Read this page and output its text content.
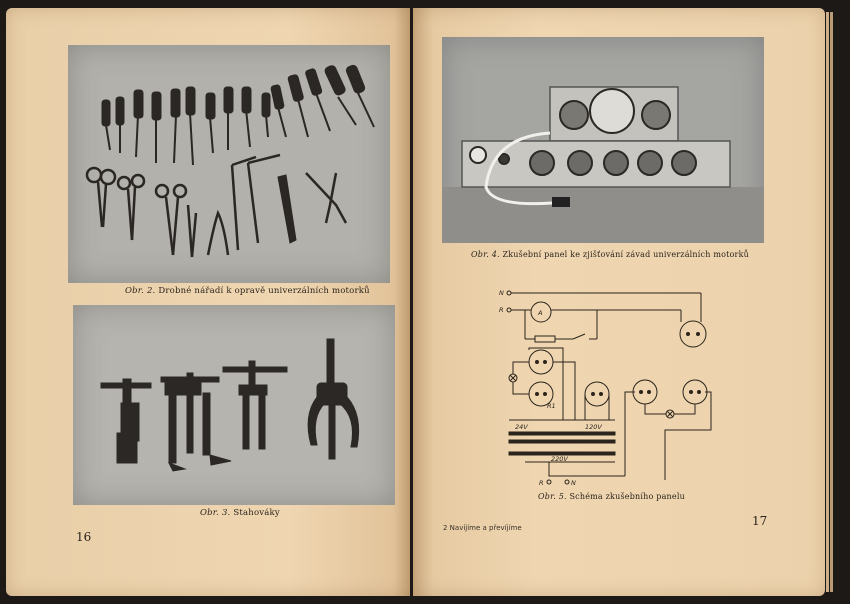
Obr. 2. Drobné nářadí k opravě univerzálních motorků
Obr. 3. Stahováky
16
Obr. 4. Zkušební panel ke zjišťování závad univerzálních motorků
N
R	A
R1
24V	120V
220V
R	N
Obr. 5. Schéma zkušebního panelu
2 Navíjíme a převíjíme	17
